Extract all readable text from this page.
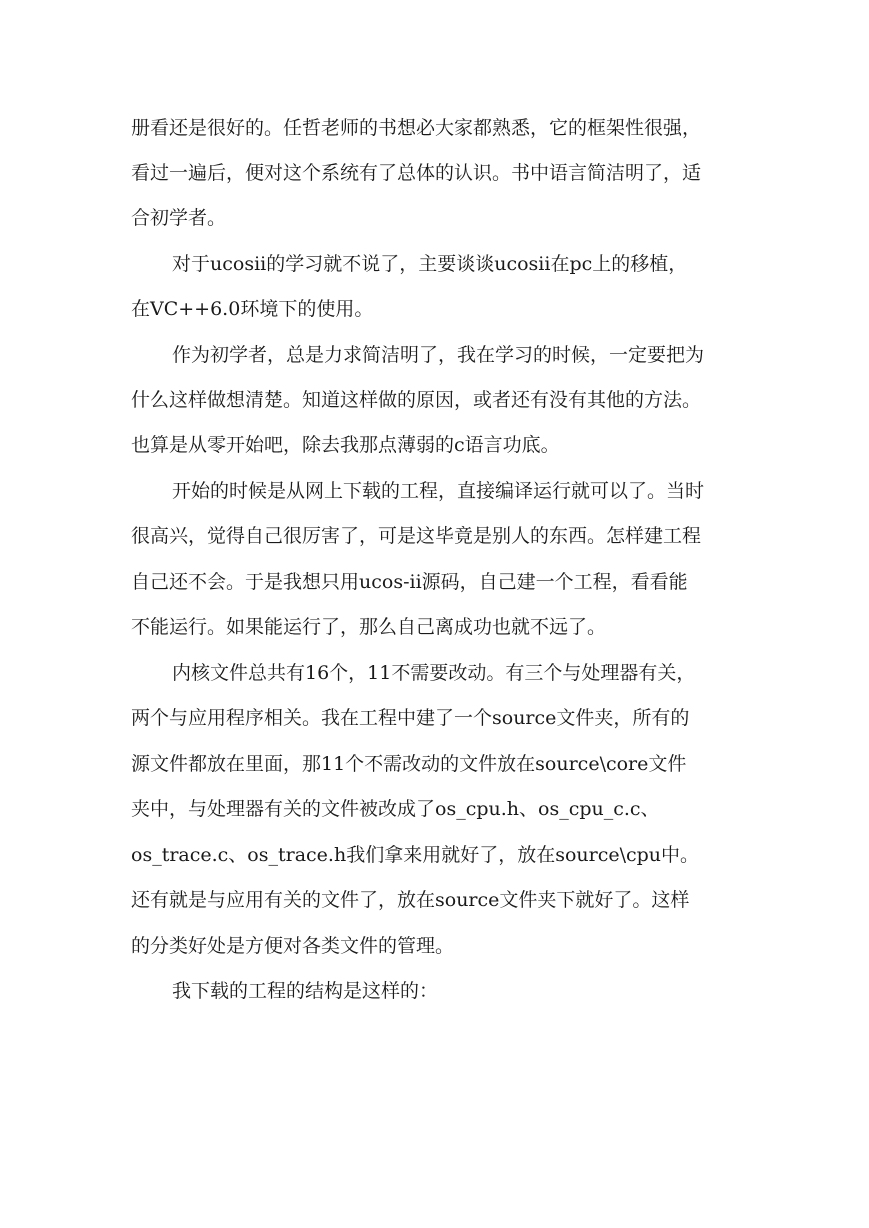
册看还是很好的。任哲老师的书想必大家都熟悉，它的框架性很强，
看过一遍后，便对这个系统有了总体的认识。书中语言简洁明了，适
合初学者。
对于ucosii的学习就不说了，主要谈谈ucosii在pc上的移植，
在VC++6.0环境下的使用。
作为初学者，总是力求简洁明了，我在学习的时候，一定要把为
什么这样做想清楚。知道这样做的原因，或者还有没有其他的方法。
也算是从零开始吧，除去我那点薄弱的c语言功底。
开始的时候是从网上下载的工程，直接编译运行就可以了。当时
很高兴，觉得自己很厉害了，可是这毕竟是别人的东西。怎样建工程
自己还不会。于是我想只用ucos-ii源码，自己建一个工程，看看能
不能运行。如果能运行了，那么自己离成功也就不远了。
内核文件总共有16个，11不需要改动。有三个与处理器有关，
两个与应用程序相关。我在工程中建了一个source文件夹，所有的
源文件都放在里面，那11个不需改动的文件放在source\core文件
夹中，与处理器有关的文件被改成了os_cpu.h、os_cpu_c.c、
os_trace.c、os_trace.h我们拿来用就好了，放在source\cpu中。
还有就是与应用有关的文件了，放在source文件夹下就好了。这样
的分类好处是方便对各类文件的管理。
我下载的工程的结构是这样的：
